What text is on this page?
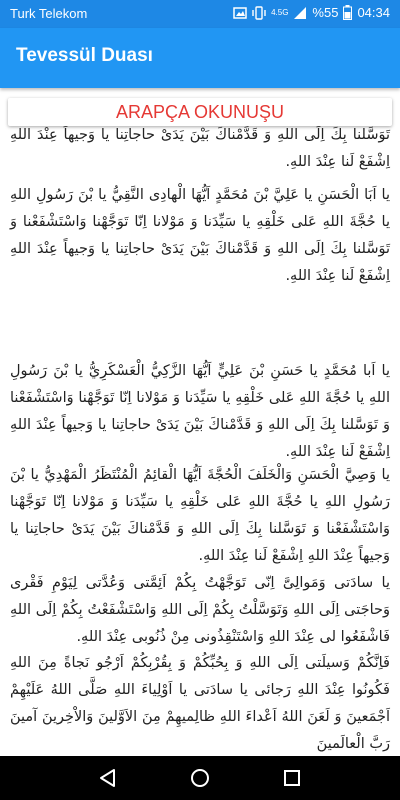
Turk Telekom	4.5G %55 04:34
Tevessül Duası
ARAPÇA OKUNUŞU
تَوَسَّلنا بِكَ اِلَى اللهِ وَ قَدَّمْناكَ بَيْنَ يَدَىْ حاجاتِنا يا وَجيهاً عِنْدَ اللهِ اِشْفَعْ لَنا عِنْدَ اللهِ.
يا اَبَا الْحَسَنِ يا عَلِيَّ بْنَ مُحَمَّدٍ اَيُّهَا الْهادِى النَّقِيُّ يا بْنَ رَسُولِ اللهِ يا حُجَّةَ اللهِ عَلى خَلْقِهِ يا سَيِّدَنا وَ مَوْلانا اِنّا تَوَجَّهْنا وَاسْتَشْفَعْنا وَ تَوَسَّلنا بِكَ اِلَى اللهِ وَ قَدَّمْناكَ بَيْنَ يَدَىْ حاجاتِنا يا وَجيهاً عِنْدَ اللهِ اِشْفَعْ لَنا عِنْدَ اللهِ.
يا اَبا مُحَمَّدٍ يا حَسَنِ بْنَ عَلِيٍّ اَيُّهَا الزَّكِيُّ الْعَسْكَرِيُّ يا بْنَ رَسُولِ اللهِ يا حُجَّةَ اللهِ عَلى خَلْقِهِ يا سَيِّدَنا وَ مَوْلانا اِنّا تَوَجَّهْنا وَاسْتَشْفَعْنا وَ تَوَسَّلنا بِكَ اِلَى اللهِ وَ قَدَّمْناكَ بَيْنَ يَدَىْ حاجاتِنا يا وَجيهاً عِنْدَ اللهِ اِشْفَعْ لَنا عِنْدَ اللهِ.
يا وَصِيَّ الْحَسَنِ وَالْخَلَفَ الْحُجَّةَ اَيُّهَا الْقائِمُ الْمُنْتَظَرُ الْمَهْدِيُّ يا بْنَ رَسُولِ اللهِ يا حُجَّةَ اللهِ عَلى خَلْقِهِ يا سَيِّدَنا وَ مَوْلانا اِنّا تَوَجَّهْنا وَاسْتَشْفَعْنا وَ تَوَسَّلنا بِكَ اِلَى اللهِ وَ قَدَّمْناكَ بَيْنَ يَدَىْ حاجاتِنا يا وَجيهاً عِنْدَ اللهِ اِشْفَعْ لَنا عِنْدَ اللهِ.
يا سادَتى وَمَوالِىَّ اِنّى تَوَجَّهْتُ بِكُمْ اَئِمَّتى وَعُدَّتى لِيَوْمِ فَقْرى وَحاجَتى اِلَى اللهِ وَتَوَسَّلْتُ بِكُمْ اِلَى اللهِ وَاسْتَشْفَعْتُ بِكُمْ اِلَى اللهِ فَاشْفَعُوا لى عِنْدَ اللهِ وَاسْتَنْقِذُونى مِنْ ذُنُوبى عِنْدَ اللهِ.
فَاِنَّكُمْ وَسيلَتى اِلَى اللهِ وَ بِحُبِّكُمْ وَ بِقُرْبِكُمْ اَرْجُو نَجاةً مِنَ اللهِ فَكُونُوا عِنْدَ اللهِ رَجائى يا سادَتى يا اَوْلِياءَ اللهِ صَلَّى اللهُ عَلَيْهِمْ اَجْمَعينَ وَ لَعَنَ اللهُ اَعْداءَ اللهِ ظالِميهِمْ مِنَ الاَوَّلينَ وَالاْخِرينَ آمينَ رَبَّ الْعالَمينَ
